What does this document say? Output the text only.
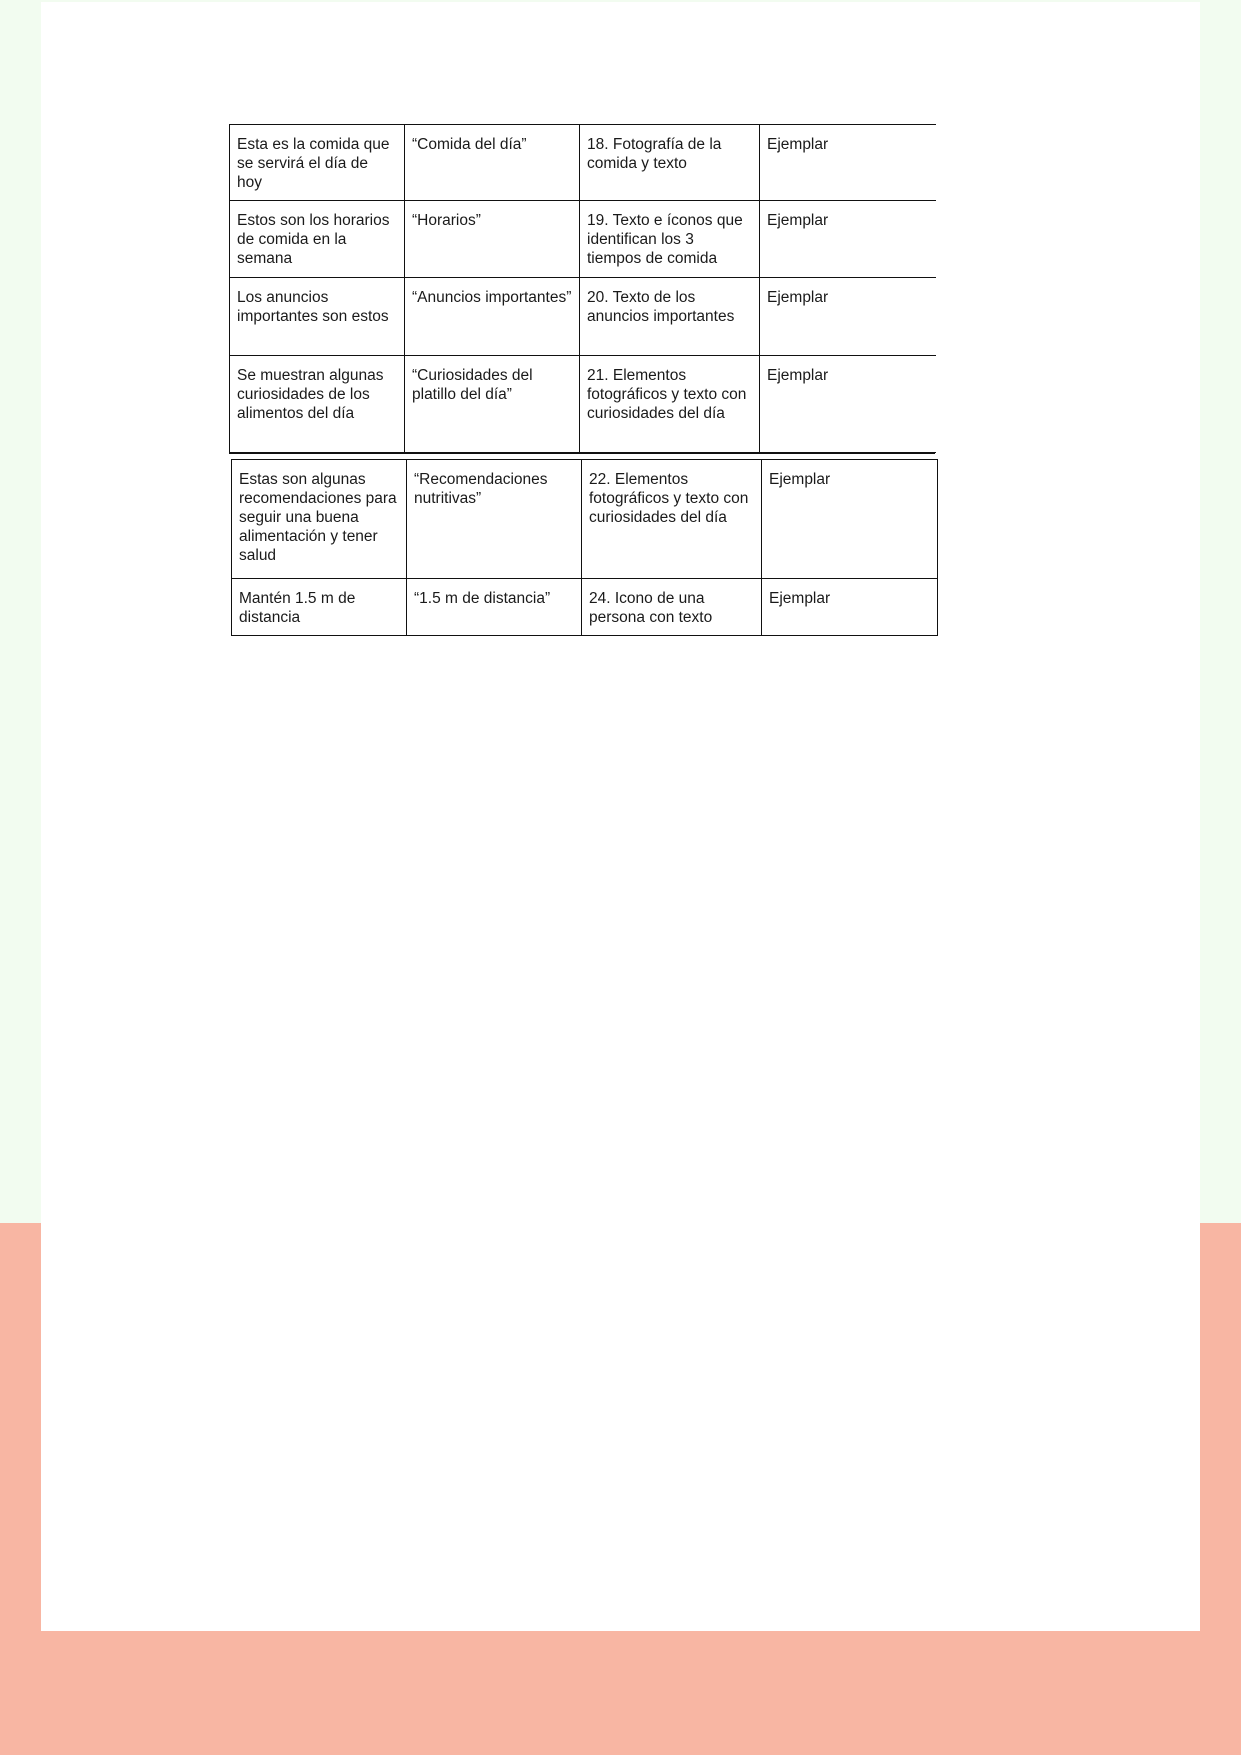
Esta es la comida que se servirá el día de hoy	“Comida del día”	18. Fotografía de la comida y texto	Ejemplar
Estos son los horarios de comida en la semana	“Horarios”	19. Texto e íconos que identifican los 3 tiempos de comida	Ejemplar
Los anuncios importantes son estos	“Anuncios importantes”	20. Texto de los anuncios importantes	Ejemplar
Se muestran algunas curiosidades de los alimentos del día	“Curiosidades del platillo del día”	21. Elementos fotográficos y texto con curiosidades del día	Ejemplar
Estas son algunas recomendaciones para seguir una buena alimentación y tener salud	“Recomendaciones nutritivas”	22. Elementos fotográficos y texto con curiosidades del día	Ejemplar
Mantén 1.5 m de distancia	“1.5 m de distancia”	24. Icono de una persona con texto	Ejemplar
